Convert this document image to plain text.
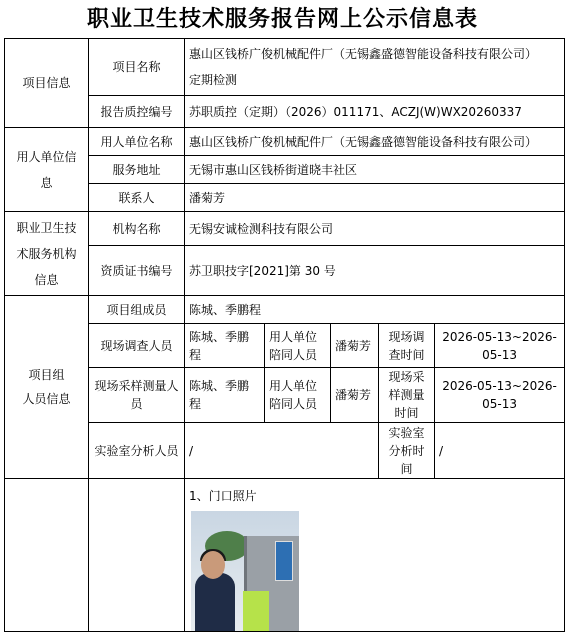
职业卫生技术服务报告网上公示信息表
项目信息	项目名称	惠山区钱桥广俊机械配件厂（无锡鑫盛德智能设备科技有限公司）
定期检测				

	报告质控编号	苏职质控（定期）（2026）011171、ACZJ(W)WX20260337				

用人单位信
息	用人单位名称	惠山区钱桥广俊机械配件厂（无锡鑫盛德智能设备科技有限公司）				
	服务地址	无锡市惠山区钱桥街道晓丰社区				
	联系人	潘菊芳				

职业卫生技
术服务机构
信息	机构名称	无锡安诚检测科技有限公司				
	资质证书编号	苏卫职技字[2021]第 30 号				

项目组
人员信息	项目组成员	陈城、季鹏程				
	现场调查人员	陈城、季鹏程	用人单位陪同人员	潘菊芳	现场调查时间	2026-05-13~2026-05-13
	现场采样测量人员	陈城、季鹏程	用人单位陪同人员	潘菊芳	现场采样测量时间	2026-05-13~2026-05-13
	实验室分析人员	/			实验室分析时间	/

		1、门口照片				
